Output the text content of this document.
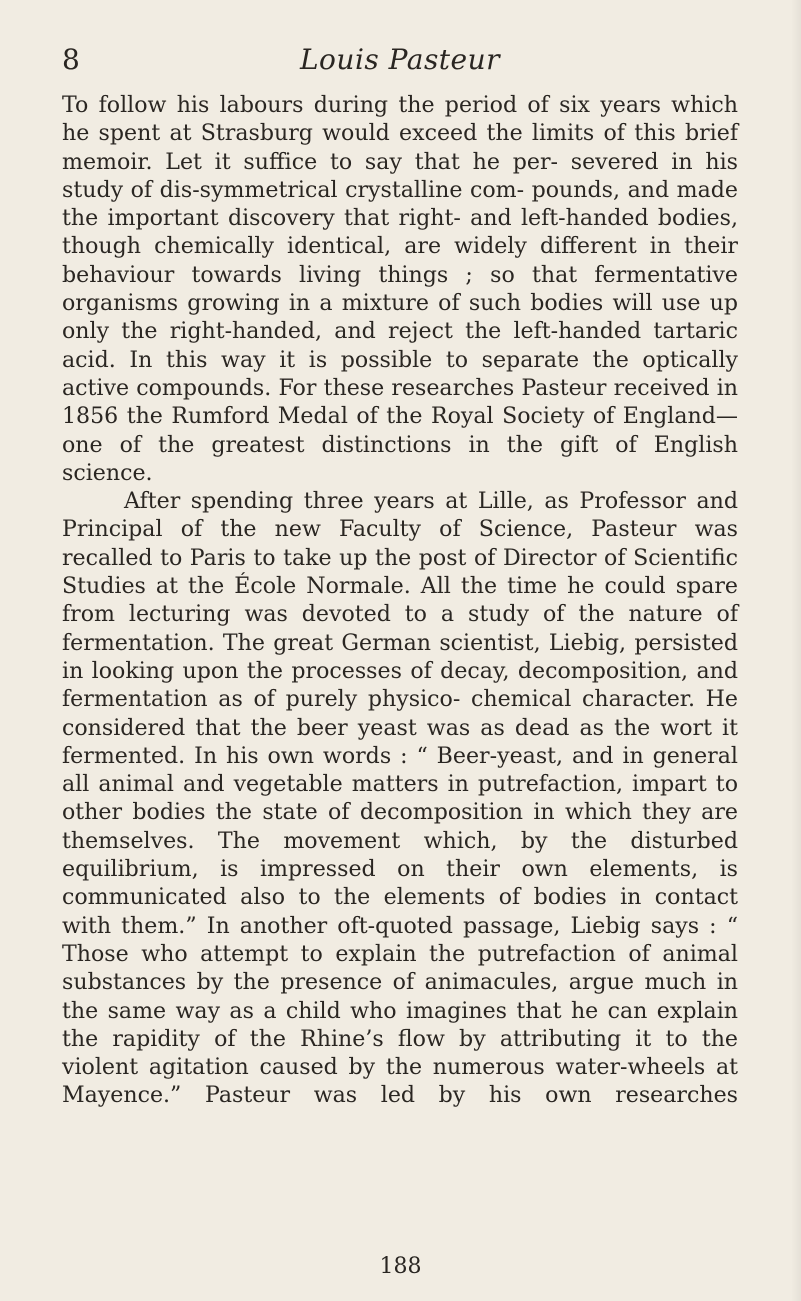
8	Louis Pasteur

To follow his labours during the period of six years which he spent at Strasburg would exceed the limits of this brief memoir. Let it suffice to say that he per- severed in his study of dis-symmetrical crystalline com- pounds, and made the important discovery that right- and left-handed bodies, though chemically identical, are widely different in their behaviour towards living things ; so that fermentative organisms growing in a mixture of such bodies will use up only the right-handed, and reject the left-handed tartaric acid. In this way it is possible to separate the optically active compounds. For these researches Pasteur received in 1856 the Rumford Medal of the Royal Society of England—one of the greatest distinctions in the gift of English science.

After spending three years at Lille, as Professor and Principal of the new Faculty of Science, Pasteur was recalled to Paris to take up the post of Director of Scientific Studies at the École Normale. All the time he could spare from lecturing was devoted to a study of the nature of fermentation. The great German scientist, Liebig, persisted in looking upon the processes of decay, decomposition, and fermentation as of purely physico- chemical character. He considered that the beer yeast was as dead as the wort it fermented. In his own words : “ Beer-yeast, and in general all animal and vegetable matters in putrefaction, impart to other bodies the state of decomposition in which they are themselves. The movement which, by the disturbed equilibrium, is impressed on their own elements, is communicated also to the elements of bodies in contact with them.” In another oft-quoted passage, Liebig says : “ Those who attempt to explain the putrefaction of animal substances by the presence of animacules, argue much in the same way as a child who imagines that he can explain the rapidity of the Rhine’s flow by attributing it to the violent agitation caused by the numerous water-wheels at Mayence.” Pasteur was led by his own researches

188
